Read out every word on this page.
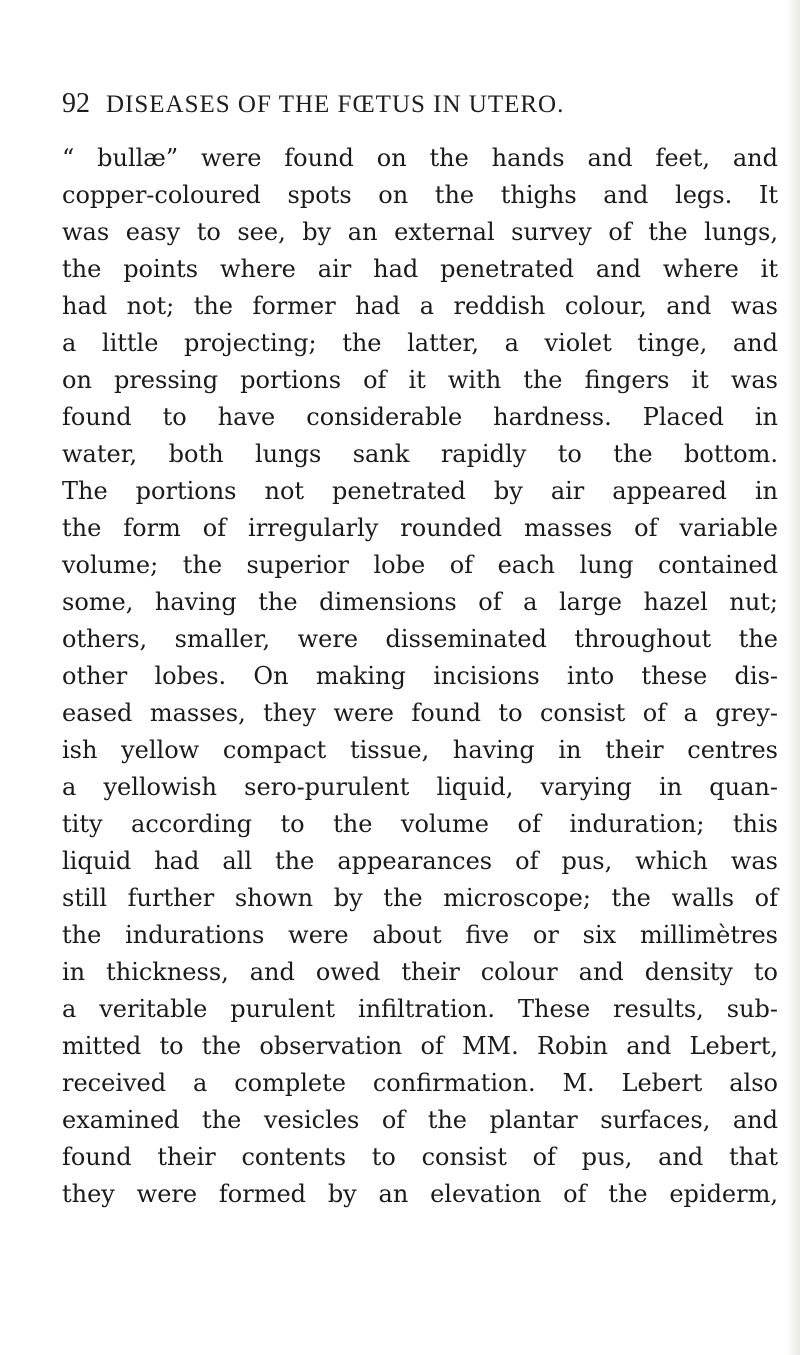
92 DISEASES OF THE FŒTUS IN UTERO.
“ bullæ” were found on the hands and feet, and
copper-coloured spots on the thighs and legs. It
was easy to see, by an external survey of the lungs,
the points where air had penetrated and where it
had not; the former had a reddish colour, and was
a little projecting; the latter, a violet tinge, and
on pressing portions of it with the fingers it was
found to have considerable hardness. Placed in
water, both lungs sank rapidly to the bottom.
The portions not penetrated by air appeared in
the form of irregularly rounded masses of variable
volume; the superior lobe of each lung contained
some, having the dimensions of a large hazel nut;
others, smaller, were disseminated throughout the
other lobes. On making incisions into these dis-
eased masses, they were found to consist of a grey-
ish yellow compact tissue, having in their centres
a yellowish sero-purulent liquid, varying in quan-
tity according to the volume of induration; this
liquid had all the appearances of pus, which was
still further shown by the microscope; the walls of
the indurations were about five or six millimètres
in thickness, and owed their colour and density to
a veritable purulent infiltration. These results, sub-
mitted to the observation of MM. Robin and Lebert,
received a complete confirmation. M. Lebert also
examined the vesicles of the plantar surfaces, and
found their contents to consist of pus, and that
they were formed by an elevation of the epiderm,
